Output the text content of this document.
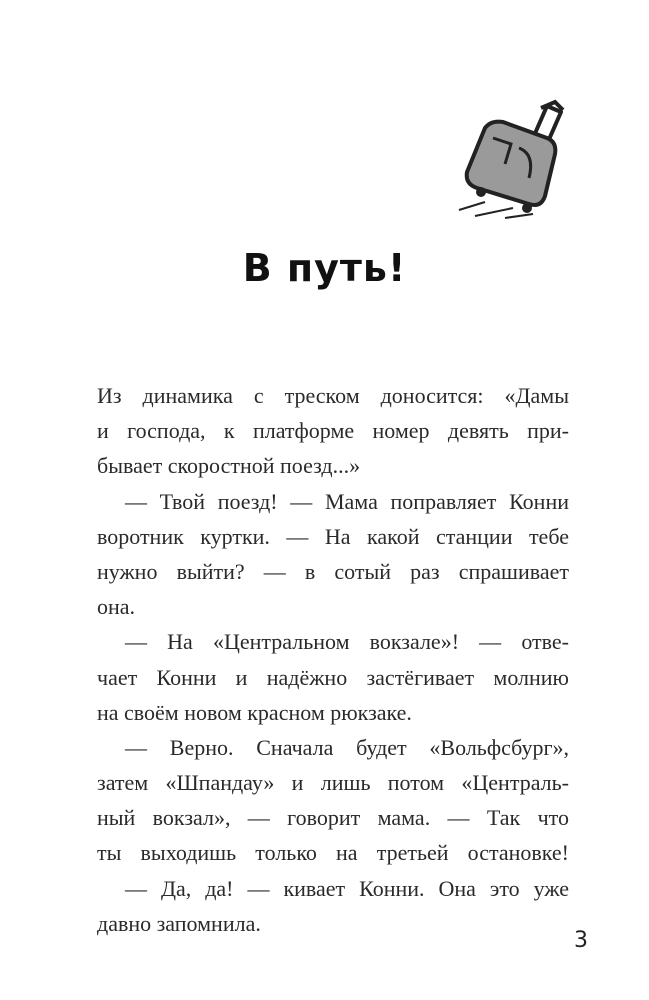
В путь!
Из динамика с треском доносится: «Дамы
и господа, к платформе номер девять при-
бывает скоростной поезд...»
— Твой поезд! — Мама поправляет Конни
воротник куртки. — На какой станции тебе
нужно выйти? — в сотый раз спрашивает
она.
— На «Центральном вокзале»! — отве-
чает Конни и надёжно застёгивает молнию
на своём новом красном рюкзаке.
— Верно. Сначала будет «Вольфсбург»,
затем «Шпандау» и лишь потом «Централь-
ный вокзал», — говорит мама. — Так что
ты выходишь только на третьей остановке!
— Да, да! — кивает Конни. Она это уже
давно запомнила.
3
